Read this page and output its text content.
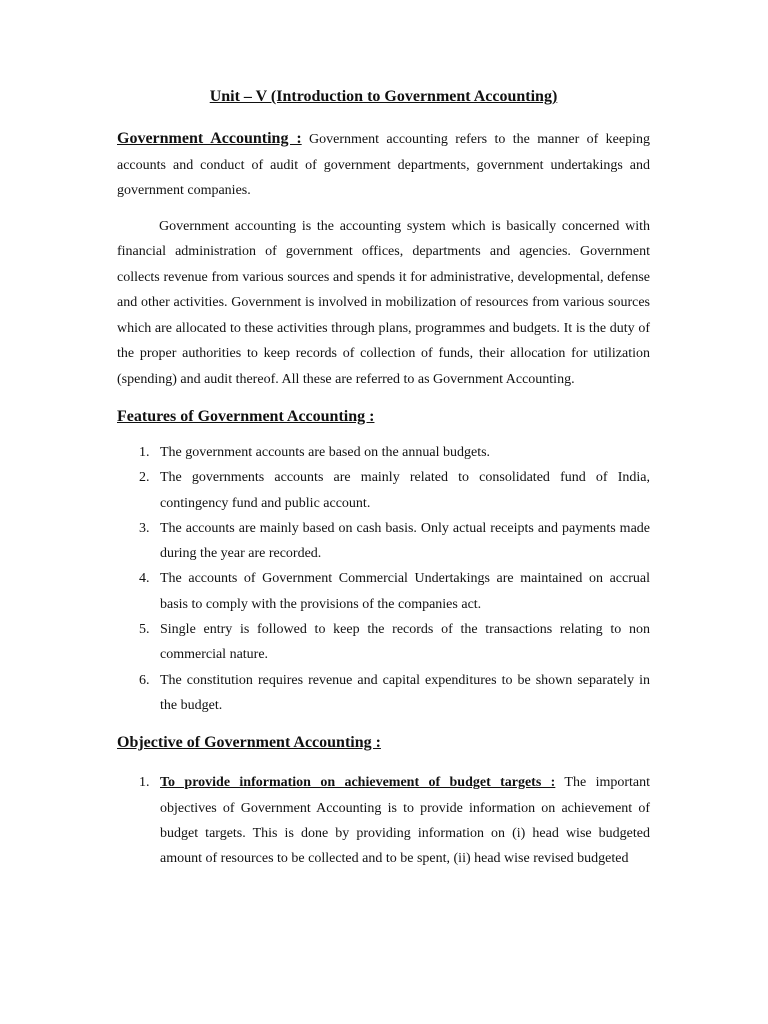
Unit – V (Introduction to Government Accounting)

Government Accounting : Government accounting refers to the manner of keeping accounts and conduct of audit of government departments, government undertakings and government companies.

Government accounting is the accounting system which is basically concerned with financial administration of government offices, departments and agencies. Government collects revenue from various sources and spends it for administrative, developmental, defense and other activities. Government is involved in mobilization of resources from various sources which are allocated to these activities through plans, programmes and budgets. It is the duty of the proper authorities to keep records of collection of funds, their allocation for utilization (spending) and audit thereof. All these are referred to as Government Accounting.

Features of Government Accounting :
1. The government accounts are based on the annual budgets.
2. The governments accounts are mainly related to consolidated fund of India, contingency fund and public account.
3. The accounts are mainly based on cash basis. Only actual receipts and payments made during the year are recorded.
4. The accounts of Government Commercial Undertakings are maintained on accrual basis to comply with the provisions of the companies act.
5. Single entry is followed to keep the records of the transactions relating to non commercial nature.
6. The constitution requires revenue and capital expenditures to be shown separately in the budget.
Objective of Government Accounting :
1. To provide information on achievement of budget targets : The important objectives of Government Accounting is to provide information on achievement of budget targets. This is done by providing information on (i) head wise budgeted amount of resources to be collected and to be spent, (ii) head wise revised budgeted
